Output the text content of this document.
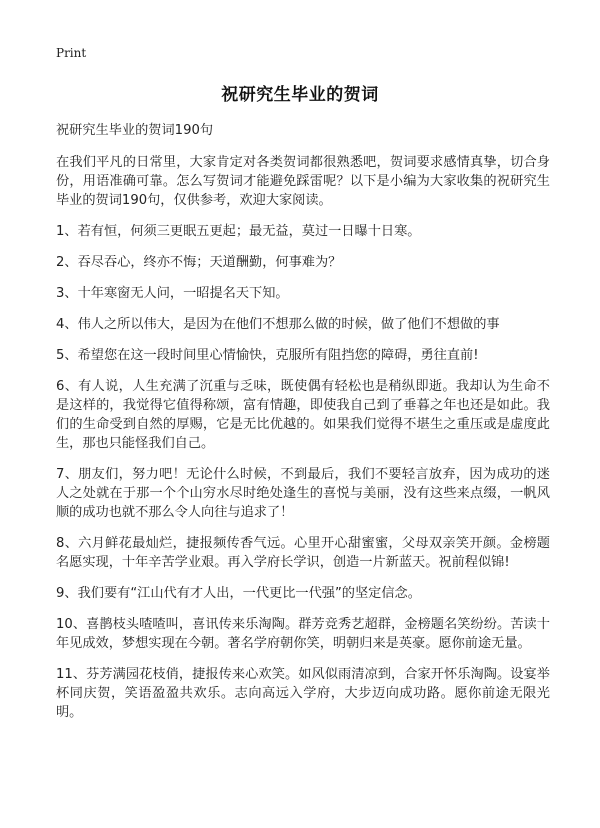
Print
祝研究生毕业的贺词

祝研究生毕业的贺词190句

在我们平凡的日常里，大家肯定对各类贺词都很熟悉吧，贺词要求感情真挚，切合身份，用语准确可靠。怎么写贺词才能避免踩雷呢？以下是小编为大家收集的祝研究生毕业的贺词190句，仅供参考，欢迎大家阅读。

1、若有恒，何须三更眠五更起；最无益，莫过一日曝十日寒。

2、吞尽吞心，终亦不悔；天道酬勤，何事难为？

3、十年寒窗无人问，一昭提名天下知。

4、伟人之所以伟大，是因为在他们不想那么做的时候，做了他们不想做的事

5、希望您在这一段时间里心情愉快，克服所有阻挡您的障碍，勇往直前!

6、有人说，人生充满了沉重与乏味，既使偶有轻松也是稍纵即逝。我却认为生命不是这样的，我觉得它值得称颂，富有情趣，即使我自己到了垂暮之年也还是如此。我们的生命受到自然的厚赐，它是无比优越的。如果我们觉得不堪生之重压或是虚度此生，那也只能怪我们自己。

7、朋友们，努力吧！无论什么时候，不到最后，我们不要轻言放弃，因为成功的迷人之处就在于那一个个山穷水尽时绝处逢生的喜悦与美丽，没有这些来点缀，一帆风顺的成功也就不那么令人向往与追求了！

8、六月鲜花最灿烂，捷报频传香气远。心里开心甜蜜蜜，父母双亲笑开颜。金榜题名愿实现，十年辛苦学业艰。再入学府长学识，创造一片新蓝天。祝前程似锦!

9、我们要有“江山代有才人出，一代更比一代强”的坚定信念。

10、喜鹊枝头喳喳叫，喜讯传来乐淘陶。群芳竞秀艺超群，金榜题名笑纷纷。苦读十年见成效，梦想实现在今朝。著名学府朝你笑，明朝归来是英豪。愿你前途无量。

11、芬芳满园花枝俏，捷报传来心欢笑。如风似雨清凉到，合家开怀乐淘陶。设宴举杯同庆贺，笑语盈盈共欢乐。志向高远入学府，大步迈向成功路。愿你前途无限光明。
